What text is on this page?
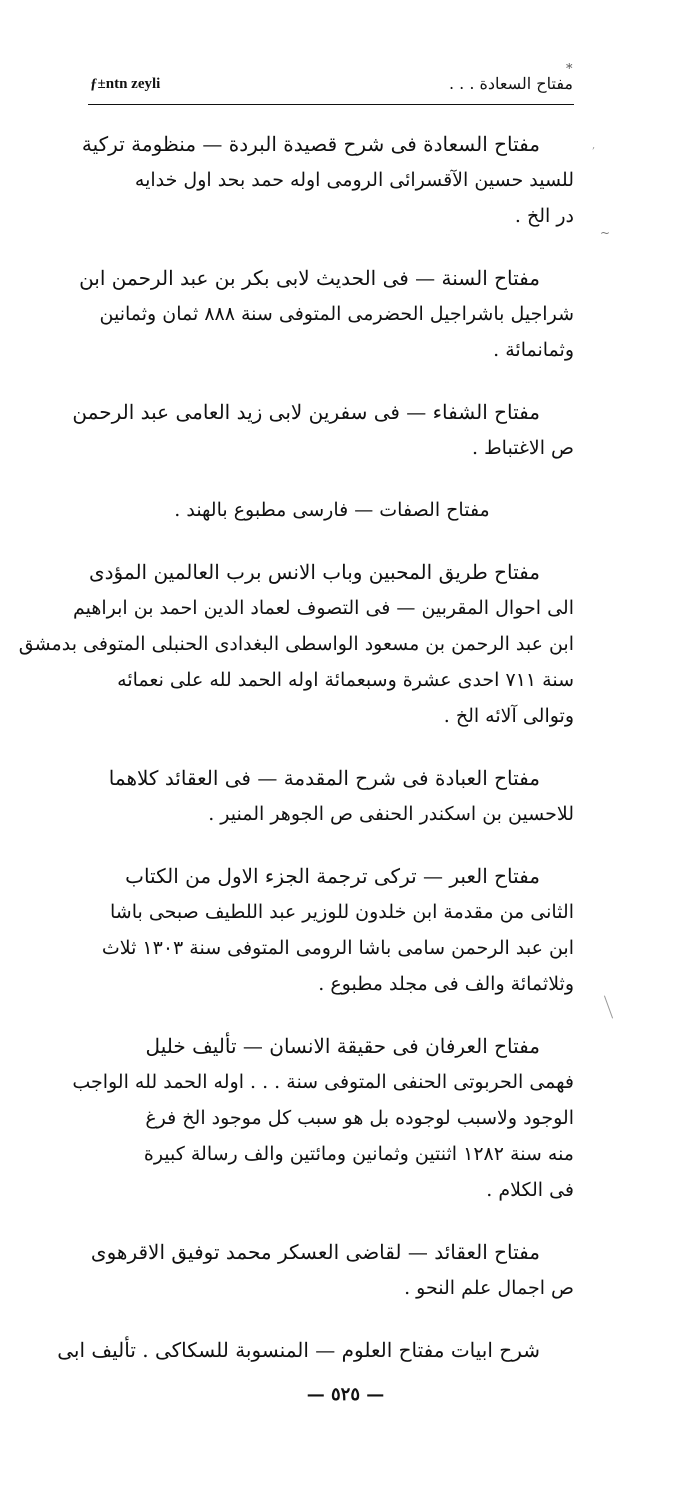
ƒ±ntn zeyli
*
مفتاح السعادة . . .
,
~
مفتاح السعادة فى شرح قصيدة البردة — منظومة تركية
للسيد حسين الآقسرائى الرومى اوله حمد بحد اول خدايه
در الخ .
مفتاح السنة — فى الحديث لابى بكر بن عبد الرحمن ابن
شراجيل باشراجيل الحضرمى المتوفى سنة ٨٨٨ ثمان وثمانين
وثمانمائة .
مفتاح الشفاء — فى سفرين لابى زيد العامى عبد الرحمن
ص الاغتباط .
مفتاح الصفات — فارسى مطبوع بالهند .
مفتاح طريق المحبين وباب الانس برب العالمين المؤدى
الى احوال المقربين — فى التصوف لعماد الدين احمد بن ابراهيم
ابن عبد الرحمن بن مسعود الواسطى البغدادى الحنبلى المتوفى بدمشق
سنة ٧١١ احدى عشرة وسبعمائة اوله الحمد لله على نعمائه
وتوالى آلائه الخ .
مفتاح العبادة فى شرح المقدمة — فى العقائد كلاهما
للاحسين بن اسكندر الحنفى ص الجوهر المنير .
مفتاح العبر — تركى ترجمة الجزء الاول من الكتاب
الثانى من مقدمة ابن خلدون للوزير عبد اللطيف صبحى باشا
ابن عبد الرحمن سامى باشا الرومى المتوفى سنة ١٣٠٣ ثلاث
وثلاثمائة والف فى مجلد مطبوع .
مفتاح العرفان فى حقيقة الانسان — تأليف خليل
فهمى الحربوتى الحنفى المتوفى سنة . . . اوله الحمد لله الواجب
الوجود ولاسبب لوجوده بل هو سبب كل موجود الخ فرغ
منه سنة ١٢٨٢ اثنتين وثمانين ومائتين والف رسالة كبيرة
فى الكلام .
مفتاح العقائد — لقاضى العسكر محمد توفيق الاقرهوى
ص اجمال علم النحو .
شرح ابيات مفتاح العلوم — المنسوبة للسكاكى . تأليف ابى
— ٥٢٥ —
